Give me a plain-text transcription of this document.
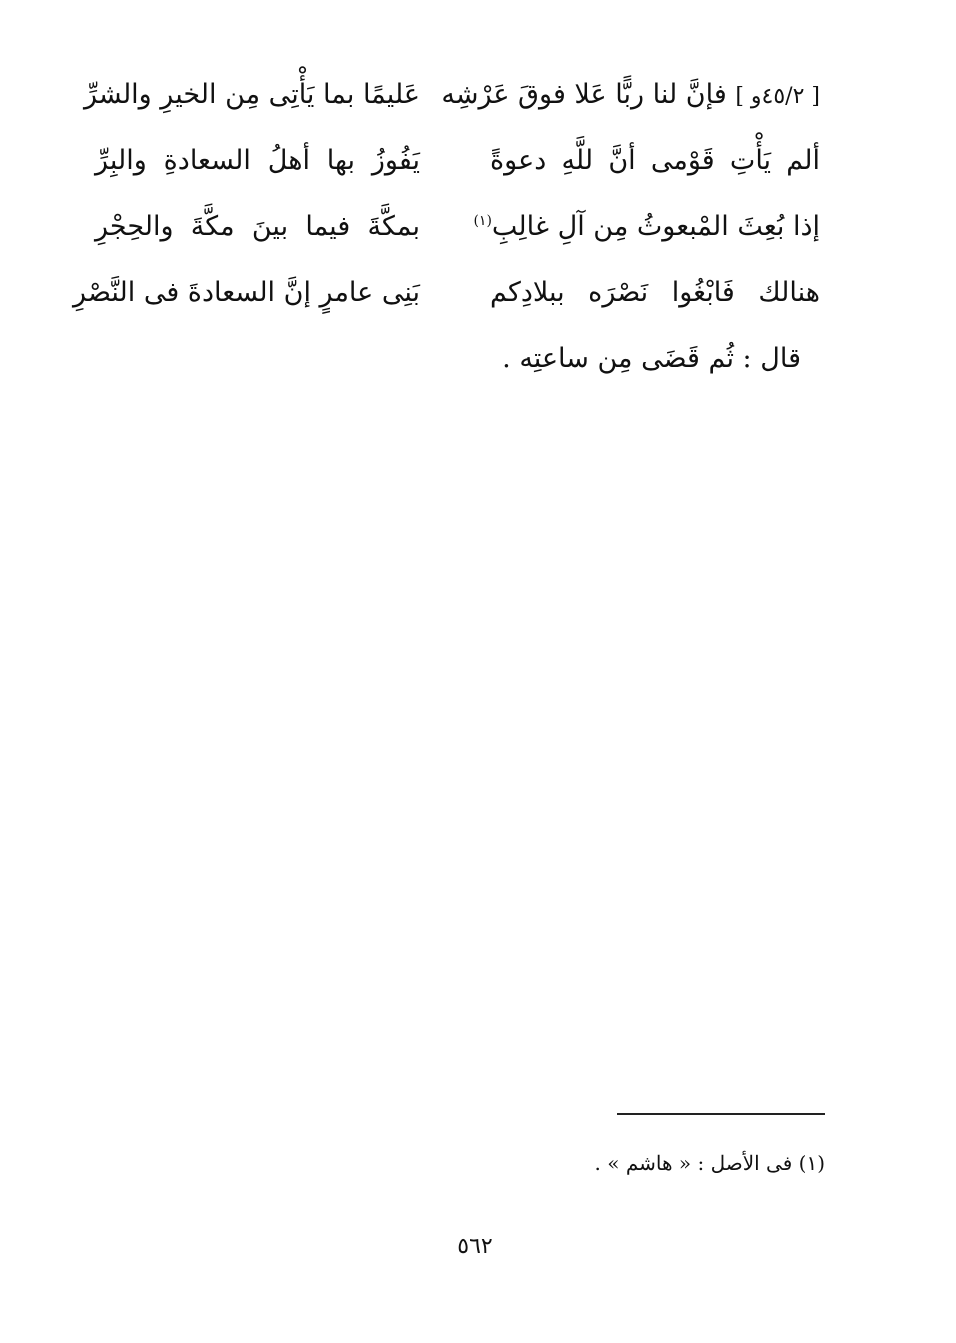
[ ٤٥/٢و ] فإنَّ لنا ربًّا عَلا فوقَ عَرْشِه
عَليمًا بما يَأْتِى مِن الخيرِ والشرِّ
ألم يَأْتِ قَوْمى أنَّ للَّهِ دعوةً
يَفُوزُ بها أهلُ السعادةِ والبِرِّ
إذا بُعِثَ المْبعوثُ مِن آلِ غالِبِ$^{(١)}$
بمكَّةَ فيما بينَ مكَّةَ والحِجْرِ
هنالك فَابْغُوا نَصْرَه ببلادِكم
بَنِى عامرٍ إنَّ السعادةَ فى النَّصْرِ
قال : ثُم قَضَى مِن ساعتِه .
(١) فى الأصل : « هاشم » .
٥٦٢
